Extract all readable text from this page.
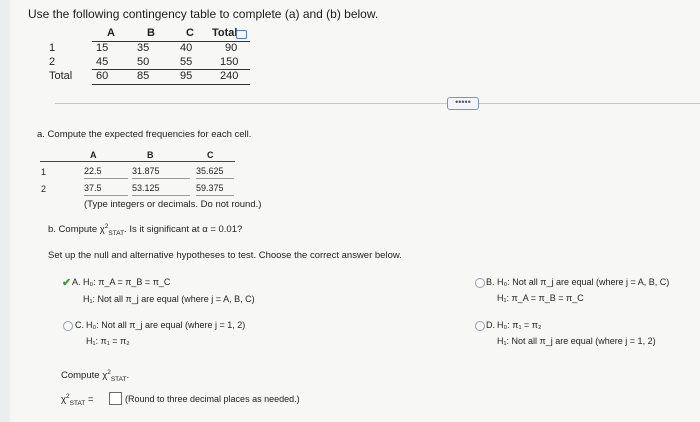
Use the following contingency table to complete (a) and (b) below.
A	B	C Total
1	15	35	40	90
2	45	50	55	150
Total 60	85	95	240
•••••
a. Compute the expected frequencies for each cell.
A	B	C
1	22.5	31.875	35.625
2	37.5	53.125	59.375
(Type integers or decimals. Do not round.)
b. Compute $\chi^2_{STAT}$. Is it significant at α = 0.01?
Set up the null and alternative hypotheses to test. Choose the correct answer below.
✔ A. H₀: π_A = π_B = π_C
H₁: Not all π_j are equal (where j = A, B, C)
C. H₀: Not all π_j are equal (where j = 1, 2)
H₁: π₁ = π₂
B. H₀: Not all π_j are equal (where j = A, B, C)
H₁: π_A = π_B = π_C
D. H₀: π₁ = π₂
H₁: Not all π_j are equal (where j = 1, 2)
Compute $\chi^2_{STAT}$.
$\chi^2_{STAT}$ =	(Round to three decimal places as needed.)
